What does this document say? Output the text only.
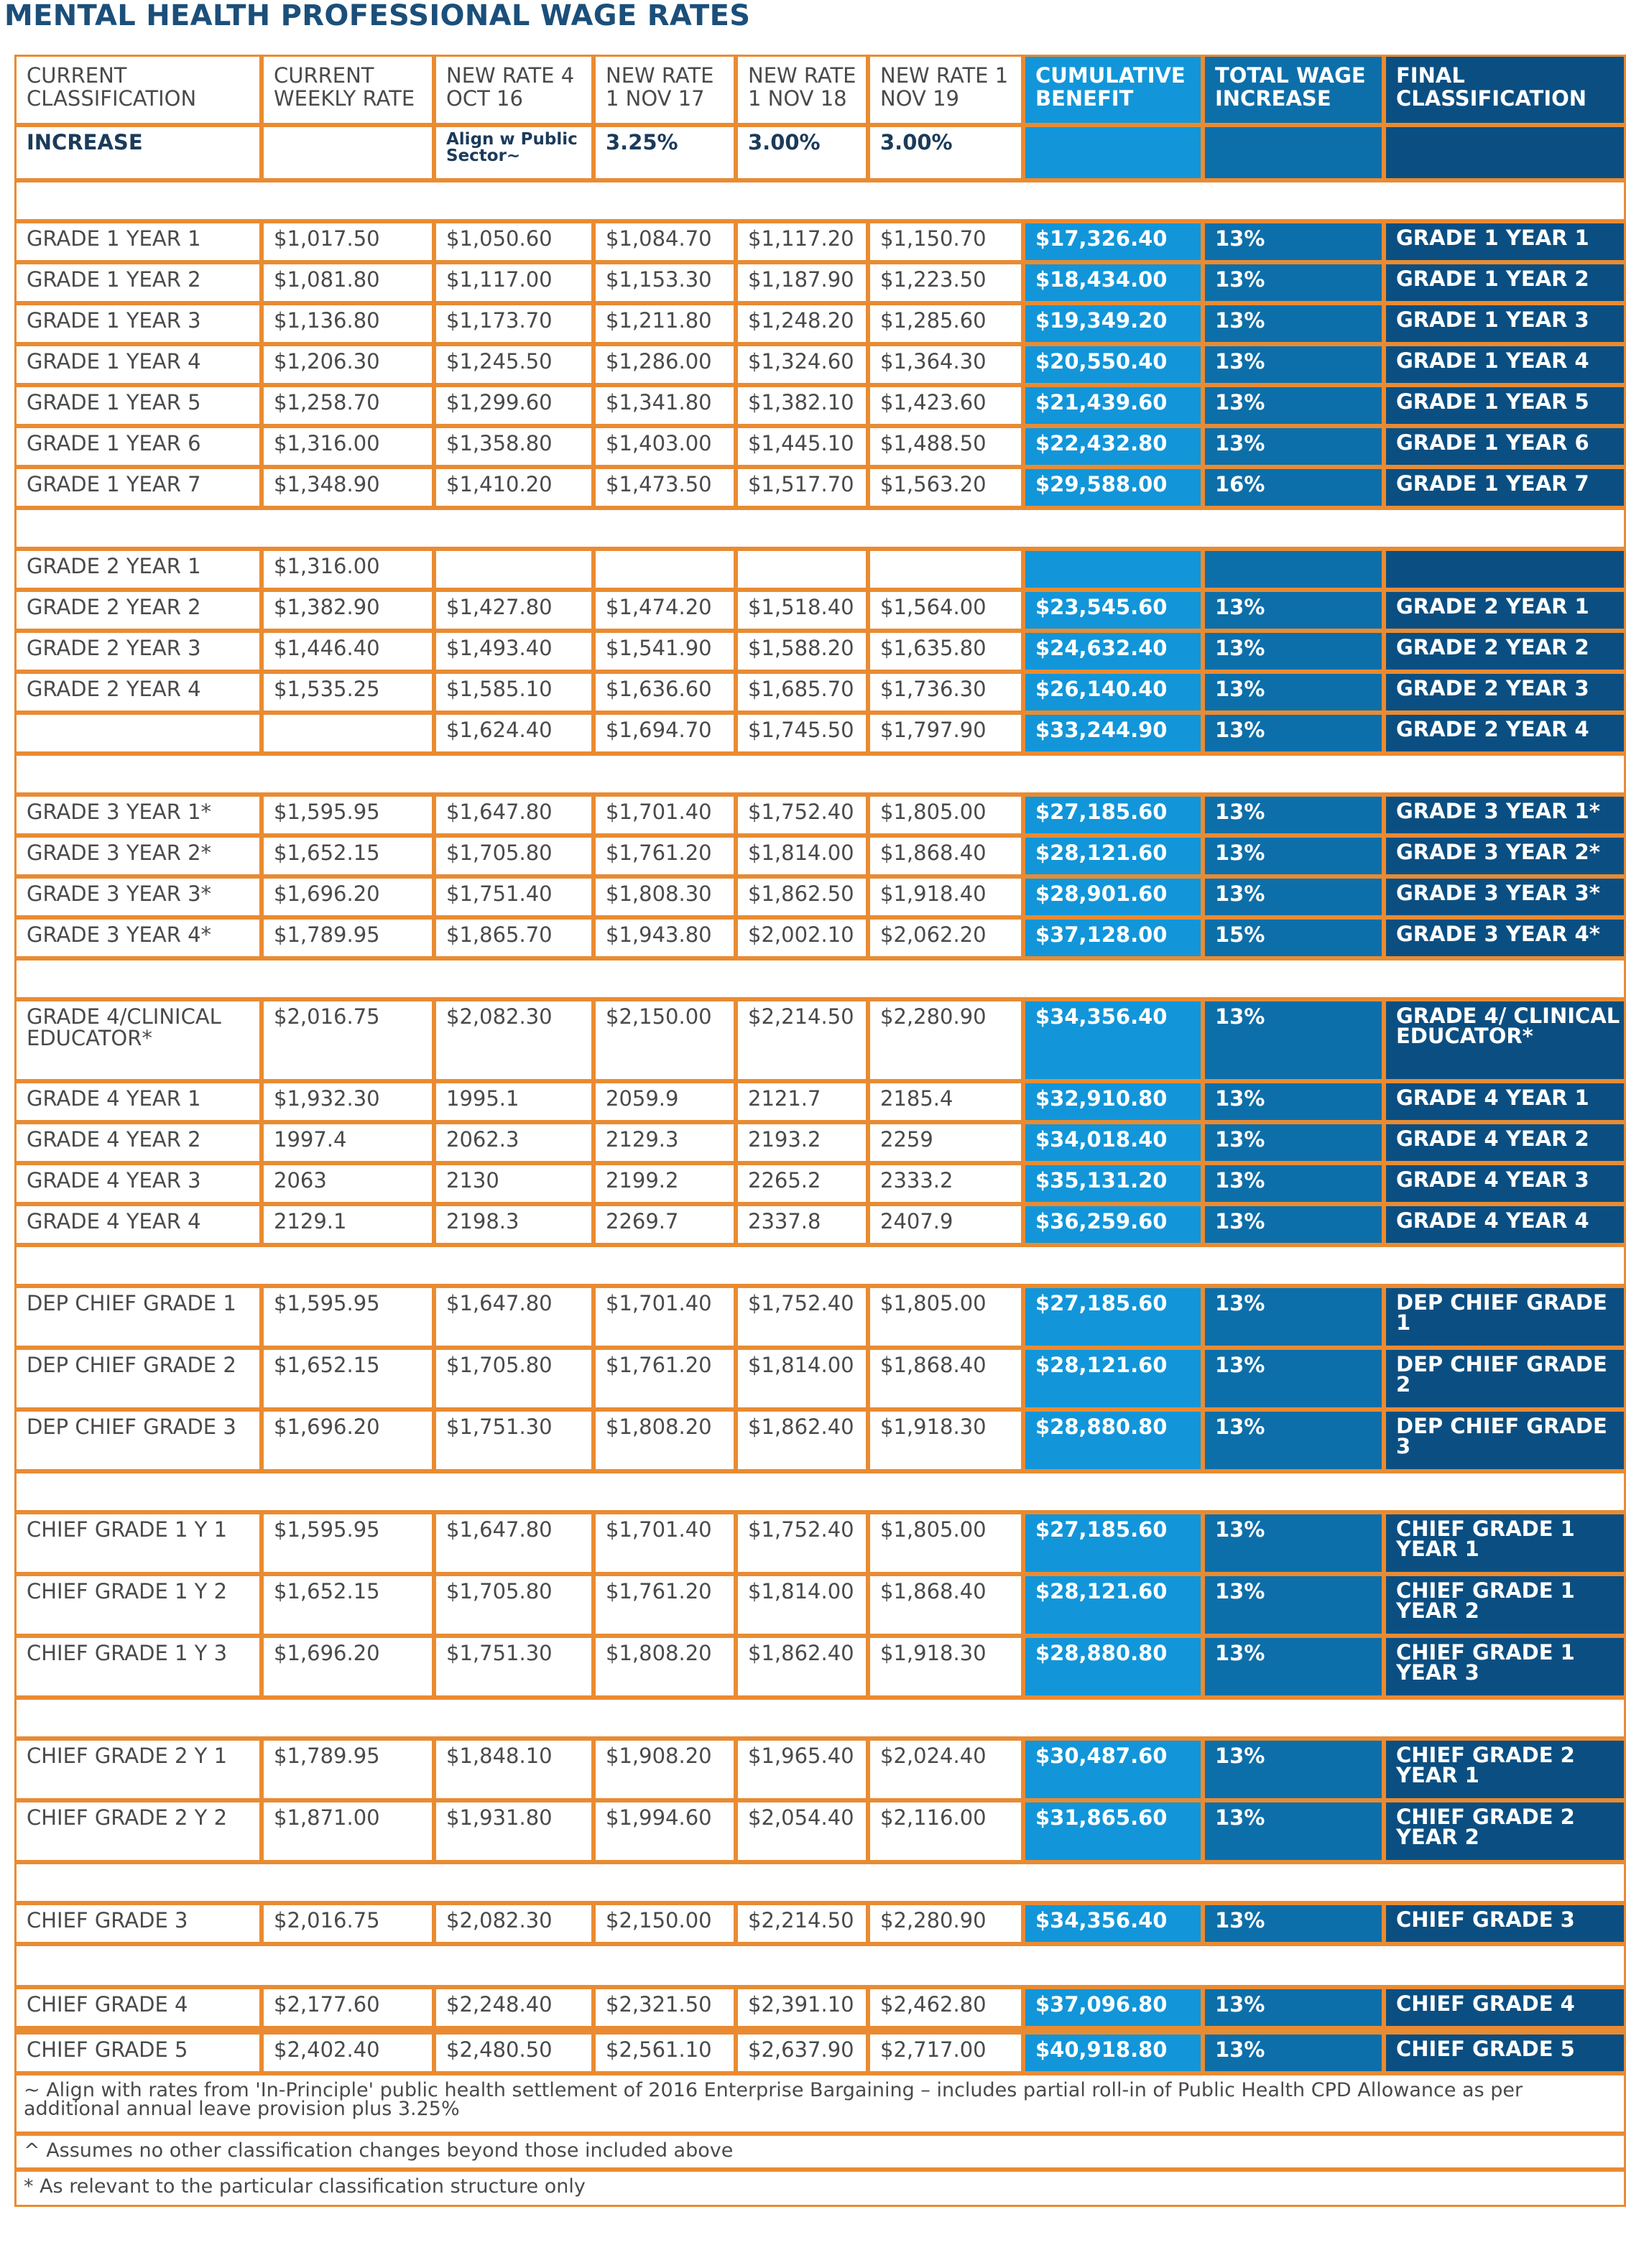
MENTAL HEALTH PROFESSIONAL WAGE RATES
CURRENT CLASSIFICATION	CURRENT WEEKLY RATE	NEW RATE 4 OCT 16	NEW RATE 1 NOV 17	NEW RATE 1 NOV 18	NEW RATE 1 NOV 19	CUMULATIVE BENEFIT	TOTAL WAGE INCREASE	FINAL CLASSIFICATION
INCREASE		Align w Public Sector~	3.25%	3.00%	3.00%			

GRADE 1 YEAR 1	$1,017.50	$1,050.60	$1,084.70	$1,117.20	$1,150.70	$17,326.40	13%	GRADE 1 YEAR 1
GRADE 1 YEAR 2	$1,081.80	$1,117.00	$1,153.30	$1,187.90	$1,223.50	$18,434.00	13%	GRADE 1 YEAR 2
GRADE 1 YEAR 3	$1,136.80	$1,173.70	$1,211.80	$1,248.20	$1,285.60	$19,349.20	13%	GRADE 1 YEAR 3
GRADE 1 YEAR 4	$1,206.30	$1,245.50	$1,286.00	$1,324.60	$1,364.30	$20,550.40	13%	GRADE 1 YEAR 4
GRADE 1 YEAR 5	$1,258.70	$1,299.60	$1,341.80	$1,382.10	$1,423.60	$21,439.60	13%	GRADE 1 YEAR 5
GRADE 1 YEAR 6	$1,316.00	$1,358.80	$1,403.00	$1,445.10	$1,488.50	$22,432.80	13%	GRADE 1 YEAR 6
GRADE 1 YEAR 7	$1,348.90	$1,410.20	$1,473.50	$1,517.70	$1,563.20	$29,588.00	16%	GRADE 1 YEAR 7

GRADE 2 YEAR 1	$1,316.00							
GRADE 2 YEAR 2	$1,382.90	$1,427.80	$1,474.20	$1,518.40	$1,564.00	$23,545.60	13%	GRADE 2 YEAR 1
GRADE 2 YEAR 3	$1,446.40	$1,493.40	$1,541.90	$1,588.20	$1,635.80	$24,632.40	13%	GRADE 2 YEAR 2
GRADE 2 YEAR 4	$1,535.25	$1,585.10	$1,636.60	$1,685.70	$1,736.30	$26,140.40	13%	GRADE 2 YEAR 3
		$1,624.40	$1,694.70	$1,745.50	$1,797.90	$33,244.90	13%	GRADE 2 YEAR 4

GRADE 3 YEAR 1*	$1,595.95	$1,647.80	$1,701.40	$1,752.40	$1,805.00	$27,185.60	13%	GRADE 3 YEAR 1*
GRADE 3 YEAR 2*	$1,652.15	$1,705.80	$1,761.20	$1,814.00	$1,868.40	$28,121.60	13%	GRADE 3 YEAR 2*
GRADE 3 YEAR 3*	$1,696.20	$1,751.40	$1,808.30	$1,862.50	$1,918.40	$28,901.60	13%	GRADE 3 YEAR 3*
GRADE 3 YEAR 4*	$1,789.95	$1,865.70	$1,943.80	$2,002.10	$2,062.20	$37,128.00	15%	GRADE 3 YEAR 4*

GRADE 4/CLINICAL EDUCATOR*	$2,016.75	$2,082.30	$2,150.00	$2,214.50	$2,280.90	$34,356.40	13%	GRADE 4/ CLINICAL EDUCATOR*
GRADE 4 YEAR 1	$1,932.30	1995.1	2059.9	2121.7	2185.4	$32,910.80	13%	GRADE 4 YEAR 1
GRADE 4 YEAR 2	1997.4	2062.3	2129.3	2193.2	2259	$34,018.40	13%	GRADE 4 YEAR 2
GRADE 4 YEAR 3	2063	2130	2199.2	2265.2	2333.2	$35,131.20	13%	GRADE 4 YEAR 3
GRADE 4 YEAR 4	2129.1	2198.3	2269.7	2337.8	2407.9	$36,259.60	13%	GRADE 4 YEAR 4

DEP CHIEF GRADE 1	$1,595.95	$1,647.80	$1,701.40	$1,752.40	$1,805.00	$27,185.60	13%	DEP CHIEF GRADE 1
DEP CHIEF GRADE 2	$1,652.15	$1,705.80	$1,761.20	$1,814.00	$1,868.40	$28,121.60	13%	DEP CHIEF GRADE 2
DEP CHIEF GRADE 3	$1,696.20	$1,751.30	$1,808.20	$1,862.40	$1,918.30	$28,880.80	13%	DEP CHIEF GRADE 3

CHIEF GRADE 1 Y 1	$1,595.95	$1,647.80	$1,701.40	$1,752.40	$1,805.00	$27,185.60	13%	CHIEF GRADE 1 YEAR 1
CHIEF GRADE 1 Y 2	$1,652.15	$1,705.80	$1,761.20	$1,814.00	$1,868.40	$28,121.60	13%	CHIEF GRADE 1 YEAR 2
CHIEF GRADE 1 Y 3	$1,696.20	$1,751.30	$1,808.20	$1,862.40	$1,918.30	$28,880.80	13%	CHIEF GRADE 1 YEAR 3

CHIEF GRADE 2 Y 1	$1,789.95	$1,848.10	$1,908.20	$1,965.40	$2,024.40	$30,487.60	13%	CHIEF GRADE 2 YEAR 1
CHIEF GRADE 2 Y 2	$1,871.00	$1,931.80	$1,994.60	$2,054.40	$2,116.00	$31,865.60	13%	CHIEF GRADE 2 YEAR 2

CHIEF GRADE 3	$2,016.75	$2,082.30	$2,150.00	$2,214.50	$2,280.90	$34,356.40	13%	CHIEF GRADE 3

CHIEF GRADE 4	$2,177.60	$2,248.40	$2,321.50	$2,391.10	$2,462.80	$37,096.80	13%	CHIEF GRADE 4

CHIEF GRADE 5	$2,402.40	$2,480.50	$2,561.10	$2,637.90	$2,717.00	$40,918.80	13%	CHIEF GRADE 5
~ Align with rates from 'In-Principle' public health settlement of 2016 Enterprise Bargaining – includes partial roll-in of Public Health CPD Allowance as per additional annual leave provision plus 3.25%								
^ Assumes no other classification changes beyond those included above								
* As relevant to the particular classification structure only								
